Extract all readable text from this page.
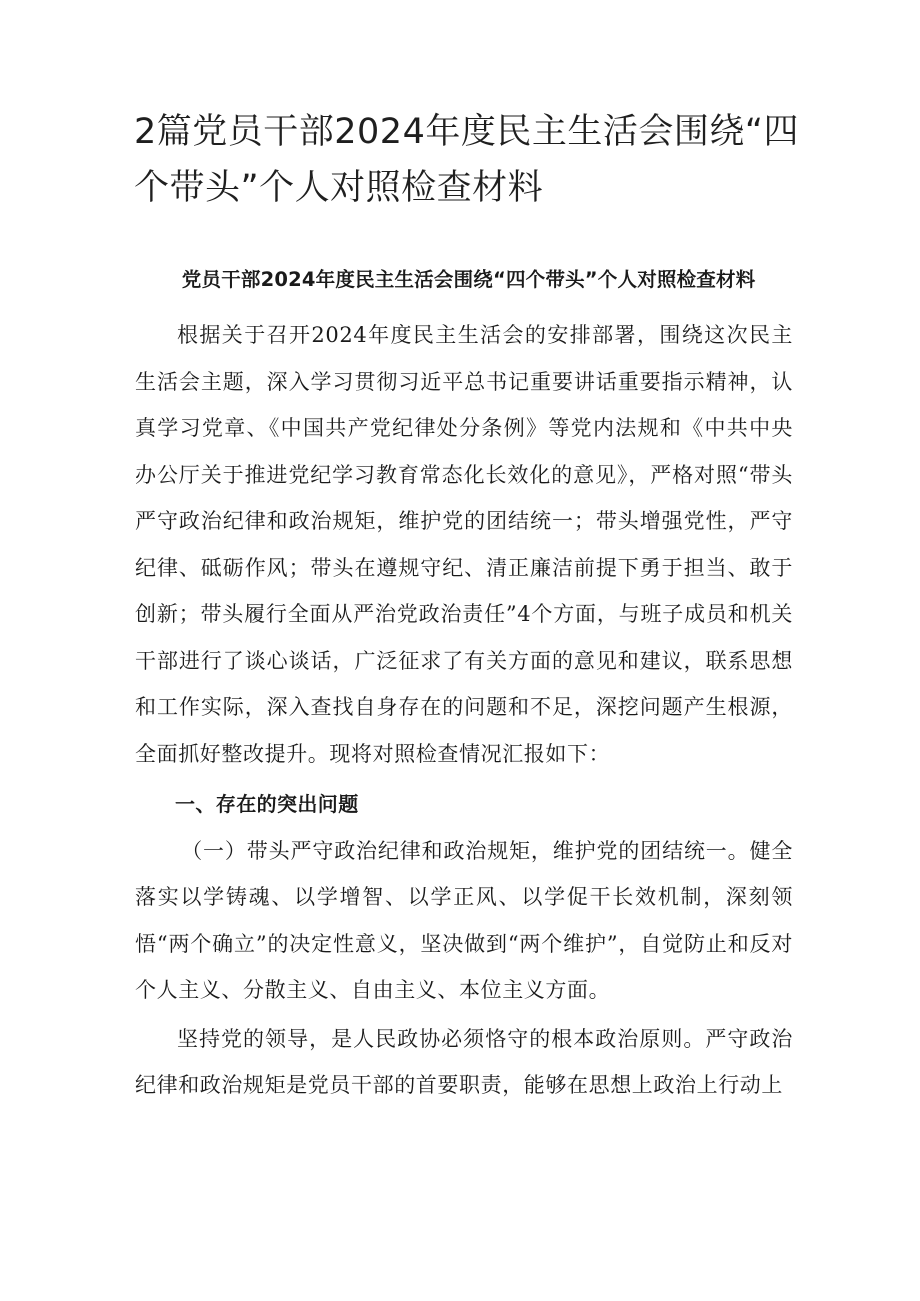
2篇党员干部2024年度民主生活会围绕“四个带头”个人对照检查材料

党员干部2024年度民主生活会围绕“四个带头”个人对照检查材料

根据关于召开2024年度民主生活会的安排部署，围绕这次民主生活会主题，深入学习贯彻习近平总书记重要讲话重要指示精神，认真学习党章、《中国共产党纪律处分条例》等党内法规和《中共中央办公厅关于推进党纪学习教育常态化长效化的意见》，严格对照“带头严守政治纪律和政治规矩，维护党的团结统一；带头增强党性，严守纪律、砥砺作风；带头在遵规守纪、清正廉洁前提下勇于担当、敢于创新；带头履行全面从严治党政治责任”4个方面，与班子成员和机关干部进行了谈心谈话，广泛征求了有关方面的意见和建议，联系思想和工作实际，深入查找自身存在的问题和不足，深挖问题产生根源，全面抓好整改提升。现将对照检查情况汇报如下：

一、存在的突出问题

（一）带头严守政治纪律和政治规矩，维护党的团结统一。健全落实以学铸魂、以学增智、以学正风、以学促干长效机制，深刻领悟“两个确立”的决定性意义，坚决做到“两个维护”，自觉防止和反对个人主义、分散主义、自由主义、本位主义方面。

坚持党的领导，是人民政协必须恪守的根本政治原则。严守政治纪律和政治规矩是党员干部的首要职责，能够在思想上政治上行动上
